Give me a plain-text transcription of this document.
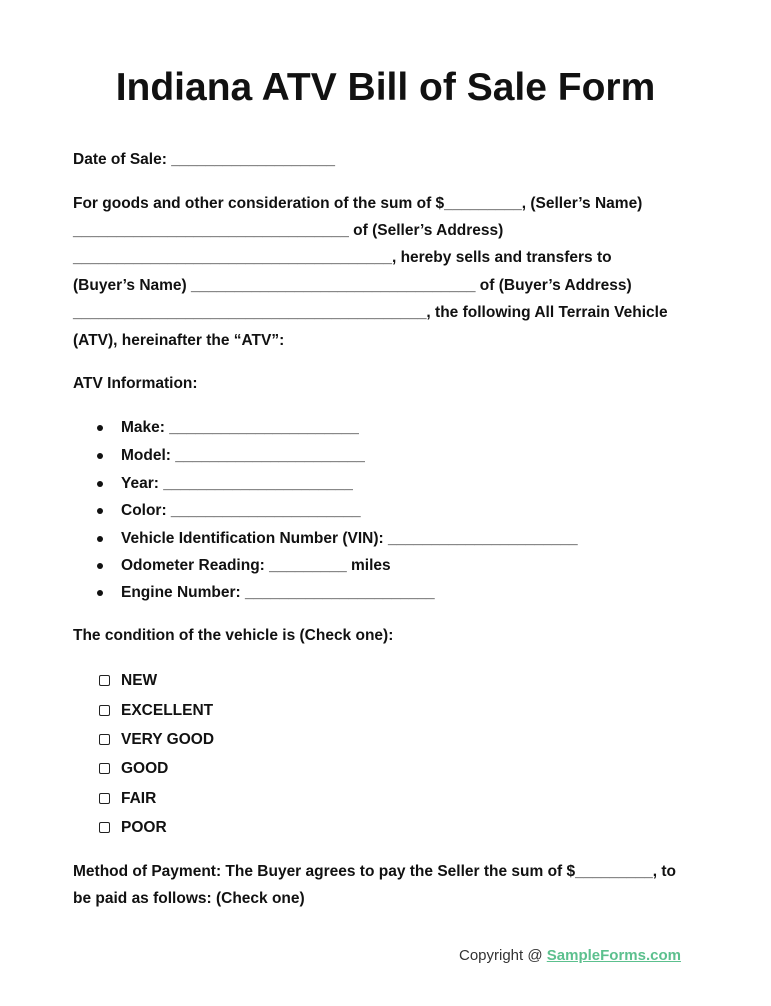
Indiana ATV Bill of Sale Form
Date of Sale: ___________________
For goods and other consideration of the sum of $_________, (Seller’s Name)
________________________________ of (Seller’s Address)
_____________________________________, hereby sells and transfers to
(Buyer’s Name) _________________________________ of (Buyer’s Address)
_________________________________________, the following All Terrain Vehicle
(ATV), hereinafter the “ATV”:
ATV Information:
Make: ______________________
Model: ______________________
Year: ______________________
Color: ______________________
Vehicle Identification Number (VIN): ______________________
Odometer Reading: _________ miles
Engine Number: ______________________
The condition of the vehicle is (Check one):
NEW
EXCELLENT
VERY GOOD
GOOD
FAIR
POOR
Method of Payment: The Buyer agrees to pay the Seller the sum of $_________, to
be paid as follows: (Check one)
Copyright @ SampleForms.com
